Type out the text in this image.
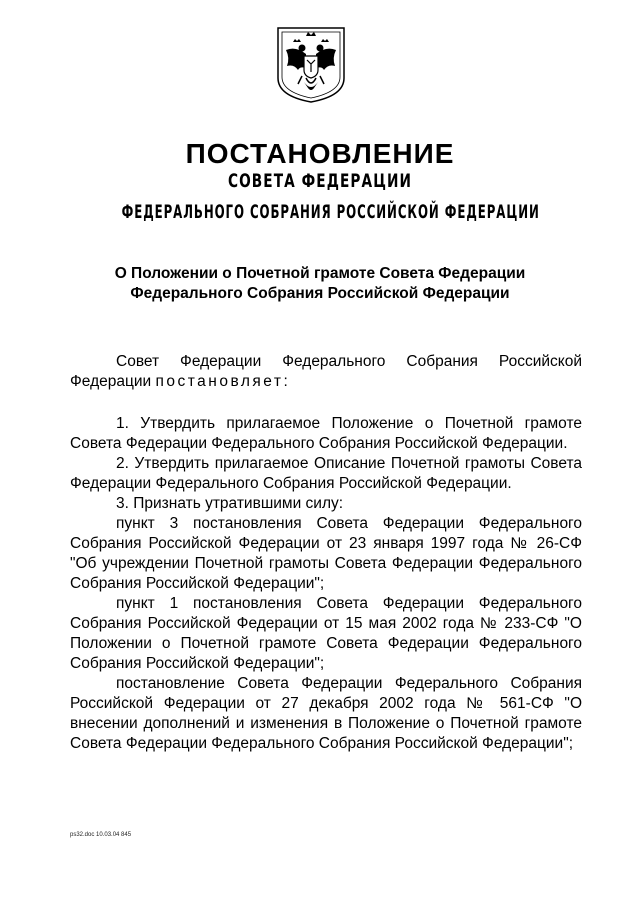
ПОСТАНОВЛЕНИЕ
СОВЕТА ФЕДЕРАЦИИ
ФЕДЕРАЛЬНОГО СОБРАНИЯ РОССИЙСКОЙ ФЕДЕРАЦИИ
О Положении о Почетной грамоте Совета Федерации
Федерального Собрания Российской Федерации

Совет Федерации Федерального Собрания Российской Федерации постановляет:

1. Утвердить прилагаемое Положение о Почетной грамоте Совета Федерации Федерального Собрания Российской Федерации.

2. Утвердить прилагаемое Описание Почетной грамоты Совета Федерации Федерального Собрания Российской Федерации.

3. Признать утратившими силу:

пункт 3 постановления Совета Федерации Федерального Собрания Российской Федерации от 23 января 1997 года № 26-СФ "Об учреждении Почетной грамоты Совета Федерации Федерального Собрания Российской Федерации";

пункт 1 постановления Совета Федерации Федерального Собрания Российской Федерации от 15 мая 2002 года № 233-СФ "О Положении о Почетной грамоте Совета Федерации Федерального Собрания Российской Федерации";

постановление Совета Федерации Федерального Собрания Российской Федерации от 27 декабря 2002 года № 561-СФ "О внесении дополнений и изменения в Положение о Почетной грамоте Совета Федерации Федерального Собрания Российской Федерации";

ps32.doc 10.03.04 845
